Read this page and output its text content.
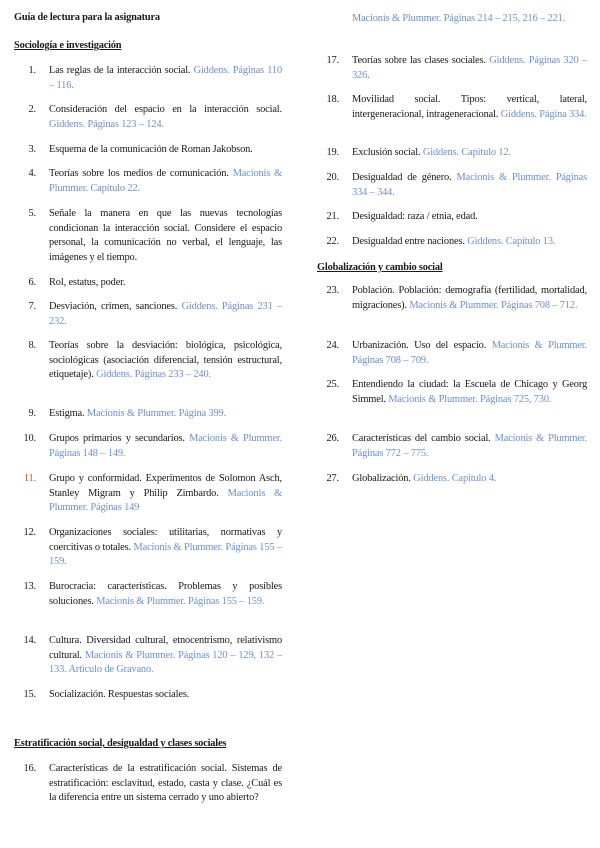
Guía de lectura para la asignatura
Sociología e investigación
1. Las reglas de la interacción social. Giddens. Páginas 110 – 116.
2. Consideración del espacio en la interacción social. Giddens. Páginas 123 – 124.
3. Esquema de la comunicación de Roman Jakobson.
4. Teorías sobre los medios de comunicación. Macionis & Plummer. Capítulo 22.
5. Señale la manera en que las nuevas tecnologías condicionan la interacción social. Considere el espacio personal, la comunicación no verbal, el lenguaje, las imágenes y el tiempo.
6. Rol, estatus, poder.
7. Desviación, crimen, sanciones. Giddens. Páginas 231 – 232.
8. Teorías sobre la desviación: biológica, psicológica, sociológicas (asociación diferencial, tensión estructural, etiquetaje). Giddens. Páginas 233 – 240.
9. Estigma. Macionis & Plummer. Página 399.
10. Grupos primarios y secundarios. Macionis & Plummer. Páginas 148 – 149.
11. Grupo y conformidad. Experimentos de Solomon Asch, Stanley Migram y Philip Zimbardo. Macionis & Plummer. Páginas 149
12. Organizaciones sociales: utilitarias, normativas y coercitivas o totales. Macionis & Plummer. Páginas 155 – 159.
13. Burocracia: características. Problemas y posibles soluciones. Macionis & Plummer. Páginas 155 – 159.
14. Cultura. Diversidad cultural, etnocentrismo, relativismo cultural. Macionis & Plummer. Páginas 120 – 129, 132 – 133. Artículo de Gravano.
15. Socialización. Respuestas sociales.
Estratificación social, desigualdad y clases sociales
16. Características de la estratificación social. Sistemas de estratificación: esclavitud, estado, casta y clase. ¿Cuál es la diferencia entre un sistema cerrado y uno abierto?
Macionis & Plummer. Páginas 214 – 215, 216 – 221.
17. Teorías sobre las clases sociales. Giddens. Páginas 320 – 326.
18. Movilidad social. Tipos: vertical, lateral, intergeneracional, intrageneracional. Giddens. Página 334.
19. Exclusión social. Giddens. Capítulo 12.
20. Desigualdad de género. Macionis & Plummer. Páginas 334 – 344.
21. Desigualdad: raza / etnia, edad.
22. Desigualdad entre naciones. Giddens. Capítulo 13.
Globalización y cambio social
23. Población. Población: demografía (fertilidad, mortalidad, migraciones). Macionis & Plummer. Páginas 708 – 712.
24. Urbanización. Uso del espacio. Macionis & Plummer. Páginas 708 – 709.
25. Entendiendo la ciudad: la Escuela de Chicago y Georg Simmel. Macionis & Plummer. Páginas 725, 730.
26. Características del cambio social. Macionis & Plummer. Páginas 772 – 775.
27. Globalización. Giddens. Capítulo 4.
